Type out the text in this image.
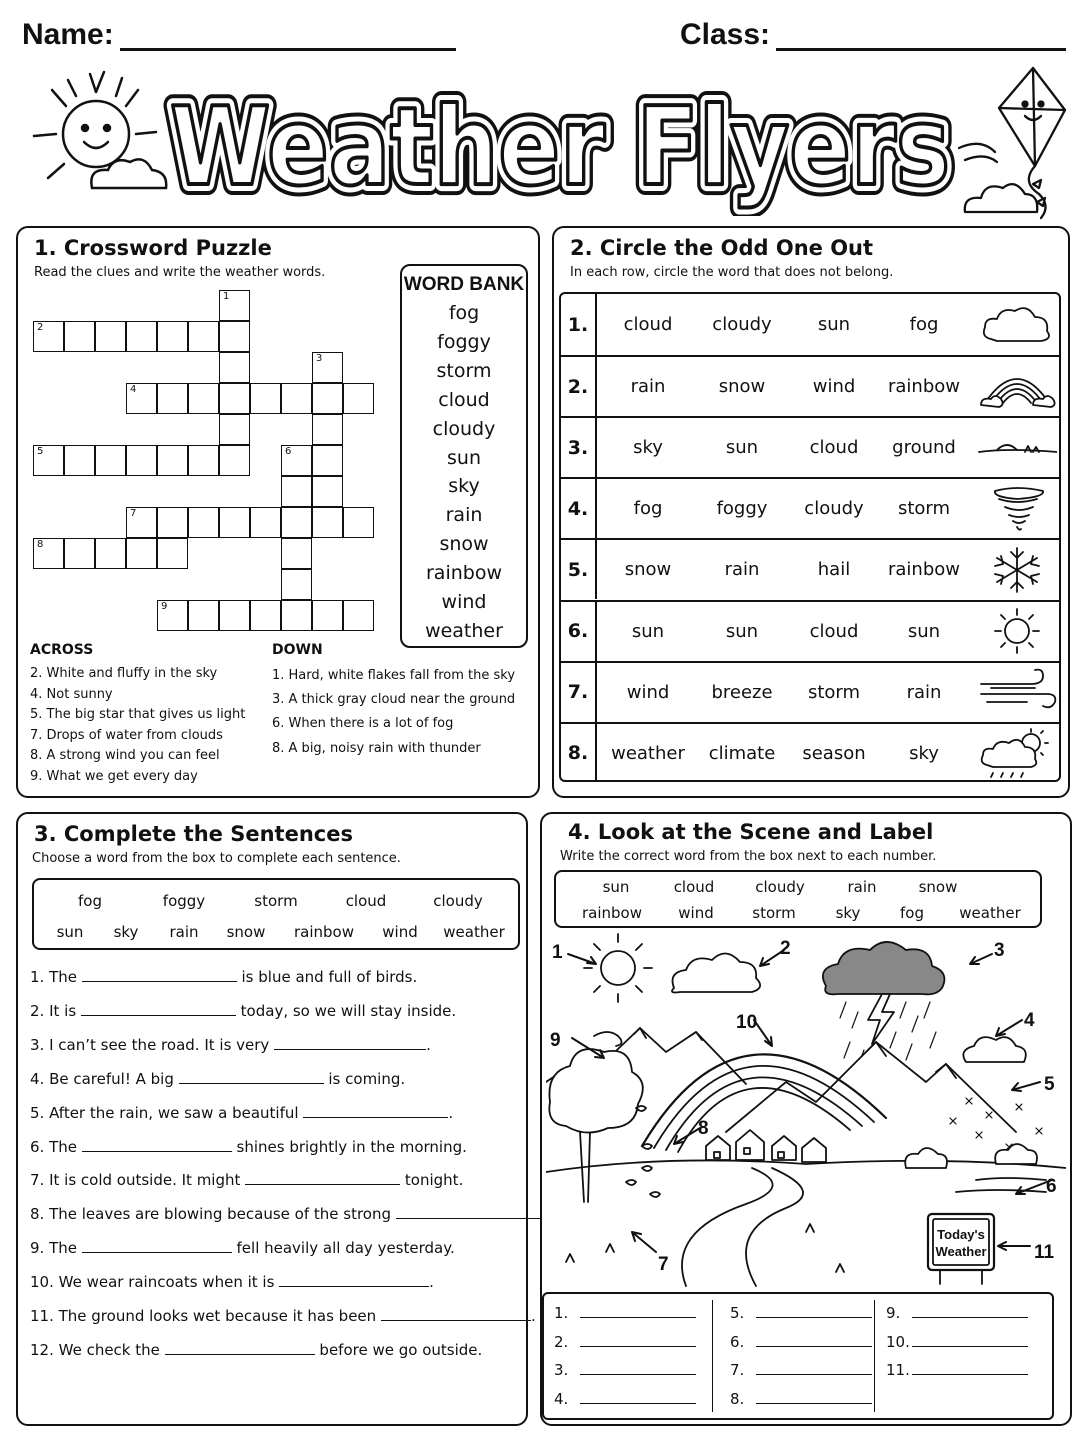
Name:	Class:
Weather Flyers
Weather Flyers
Weather Flyers
1. Crossword Puzzle
Read the clues and write the weather words.
1
2
3
4
5	6
7
8
9
WORD BANK
fog
foggy
storm
cloud
cloudy
sun
sky
rain
snow
rainbow
wind
weather
ACROSS
2. White and fluffy in the sky
4. Not sunny
5. The big star that gives us light
7. Drops of water from clouds
8. A strong wind you can feel
9. What we get every day
DOWN
1. Hard, white flakes fall from the sky
3. A thick gray cloud near the ground
6. When there is a lot of fog
8. A big, noisy rain with thunder
2. Circle the Odd One Out
In each row, circle the word that does not belong.
1.	cloud	cloudy	sun	fog
2.	rain	snow	wind	rainbow
3.	sky	sun	cloud	ground
4.	fog	foggy	cloudy	storm
5.	snow	rain	hail	rainbow
6.	sun	sun	cloud	sun
7.	wind	breeze	storm	rain
8.	weather	climate	season	sky
3. Complete the Sentences
Choose a word from the box to complete each sentence.
fog	foggy	storm	cloud	cloudy
sun sky rain snow rainbow wind weather
1. The	is blue and full of birds.
2. It is	today, so we will stay inside.
3. I can’t see the road. It is very	.
4. Be careful! A big	is coming.
5. After the rain, we saw a beautiful	.
6. The	shines brightly in the morning.
7. It is cold outside. It might	tonight.
8. The leaves are blowing because of the strong
9. The	fell heavily all day yesterday.
10. We wear raincoats when it is	.
11. The ground looks wet because it has been	.
12. We check the	before we go outside.
4. Look at the Scene and Label
Write the correct word from the box next to each number.
sun	cloud	cloudy	rain	snow
rainbow wind	storm	sky	fog weather
Today's
Weather
1	2	3
4
5
6
7
8
9
10
11
1.
2.
3.
4.
5.
6.
7.
8.
9.
10.
11.
